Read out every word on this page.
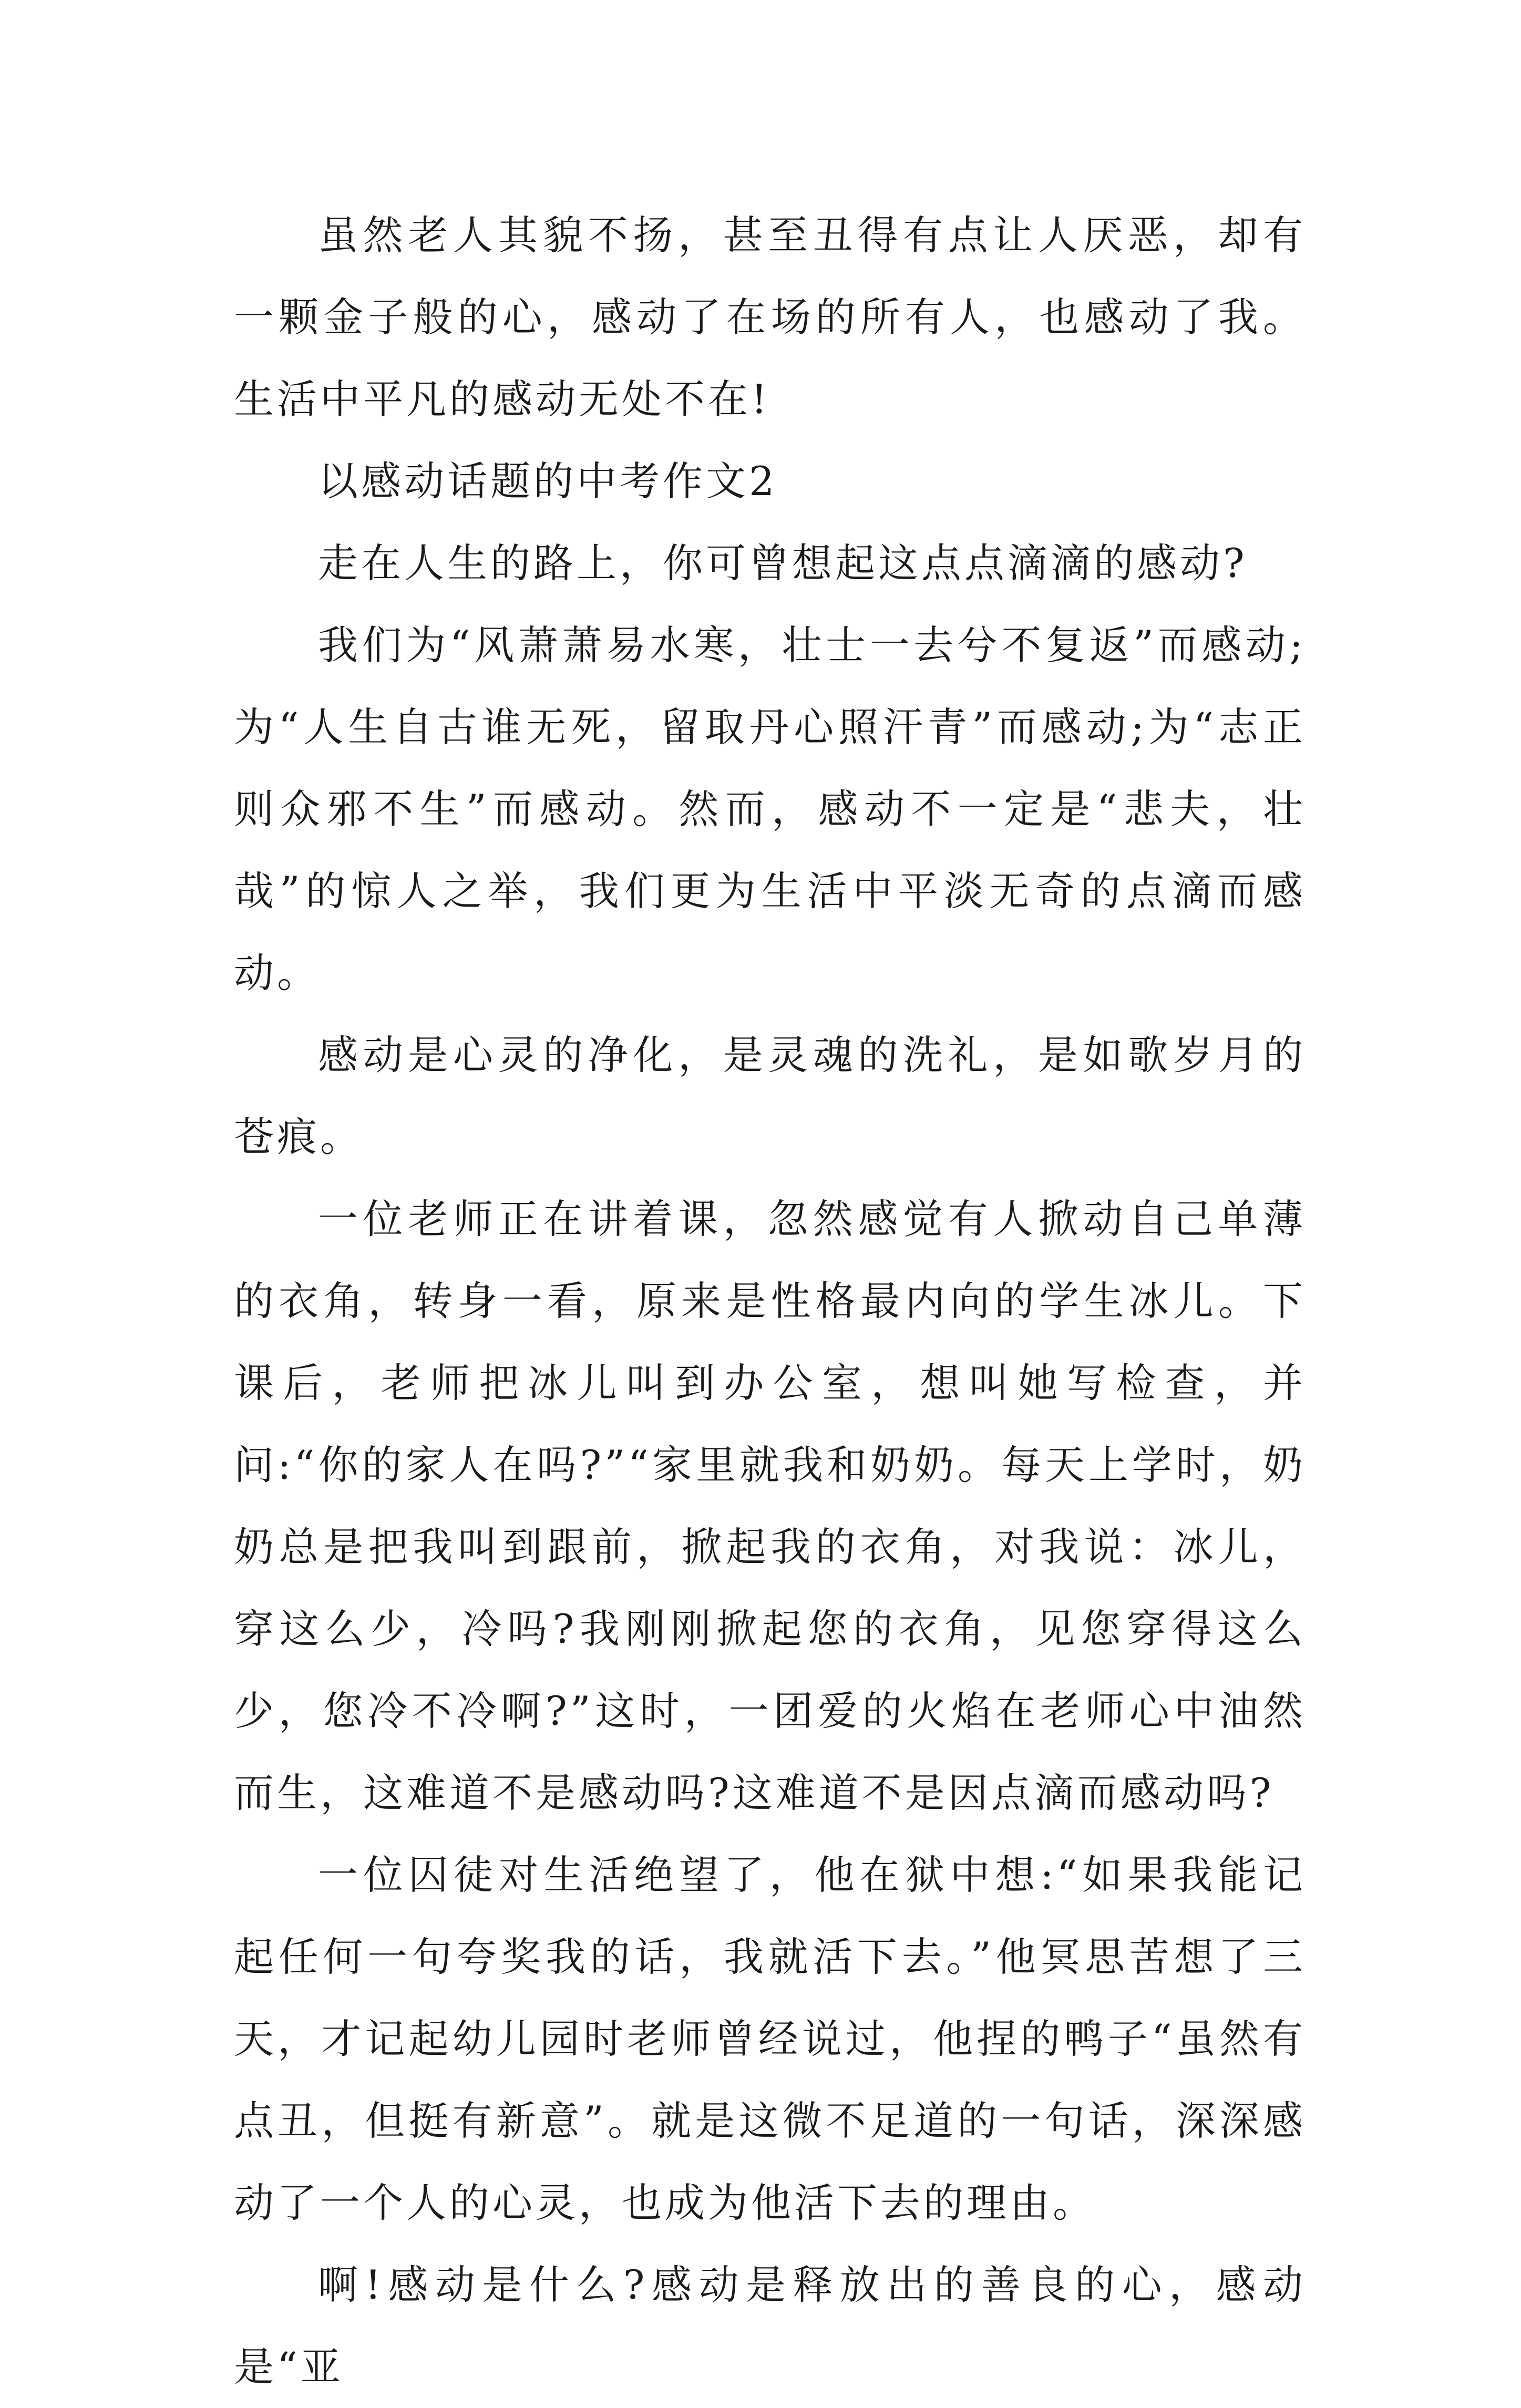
虽然老人其貌不扬，甚至丑得有点让人厌恶，却有一颗金子般的心，感动了在场的所有人，也感动了我。生活中平凡的感动无处不在!

以感动话题的中考作文2

走在人生的路上，你可曾想起这点点滴滴的感动?

我们为“风萧萧易水寒，壮士一去兮不复返”而感动;为“人生自古谁无死，留取丹心照汗青”而感动;为“志正则众邪不生”而感动。然而，感动不一定是“悲夫，壮哉”的惊人之举，我们更为生活中平淡无奇的点滴而感动。

感动是心灵的净化，是灵魂的洗礼，是如歌岁月的苍痕。

一位老师正在讲着课，忽然感觉有人掀动自己单薄的衣角，转身一看，原来是性格最内向的学生冰儿。下课后，老师把冰儿叫到办公室，想叫她写检查，并问:“你的家人在吗?”“家里就我和奶奶。每天上学时，奶奶总是把我叫到跟前，掀起我的衣角，对我说：冰儿，穿这么少，冷吗?我刚刚掀起您的衣角，见您穿得这么少，您冷不冷啊?”这时，一团爱的火焰在老师心中油然而生，这难道不是感动吗?这难道不是因点滴而感动吗?

一位囚徒对生活绝望了，他在狱中想:“如果我能记起任何一句夸奖我的话，我就活下去。”他冥思苦想了三天，才记起幼儿园时老师曾经说过，他捏的鸭子“虽然有点丑，但挺有新意”。就是这微不足道的一句话，深深感动了一个人的心灵，也成为他活下去的理由。

啊!感动是什么?感动是释放出的善良的心，感动是“亚
